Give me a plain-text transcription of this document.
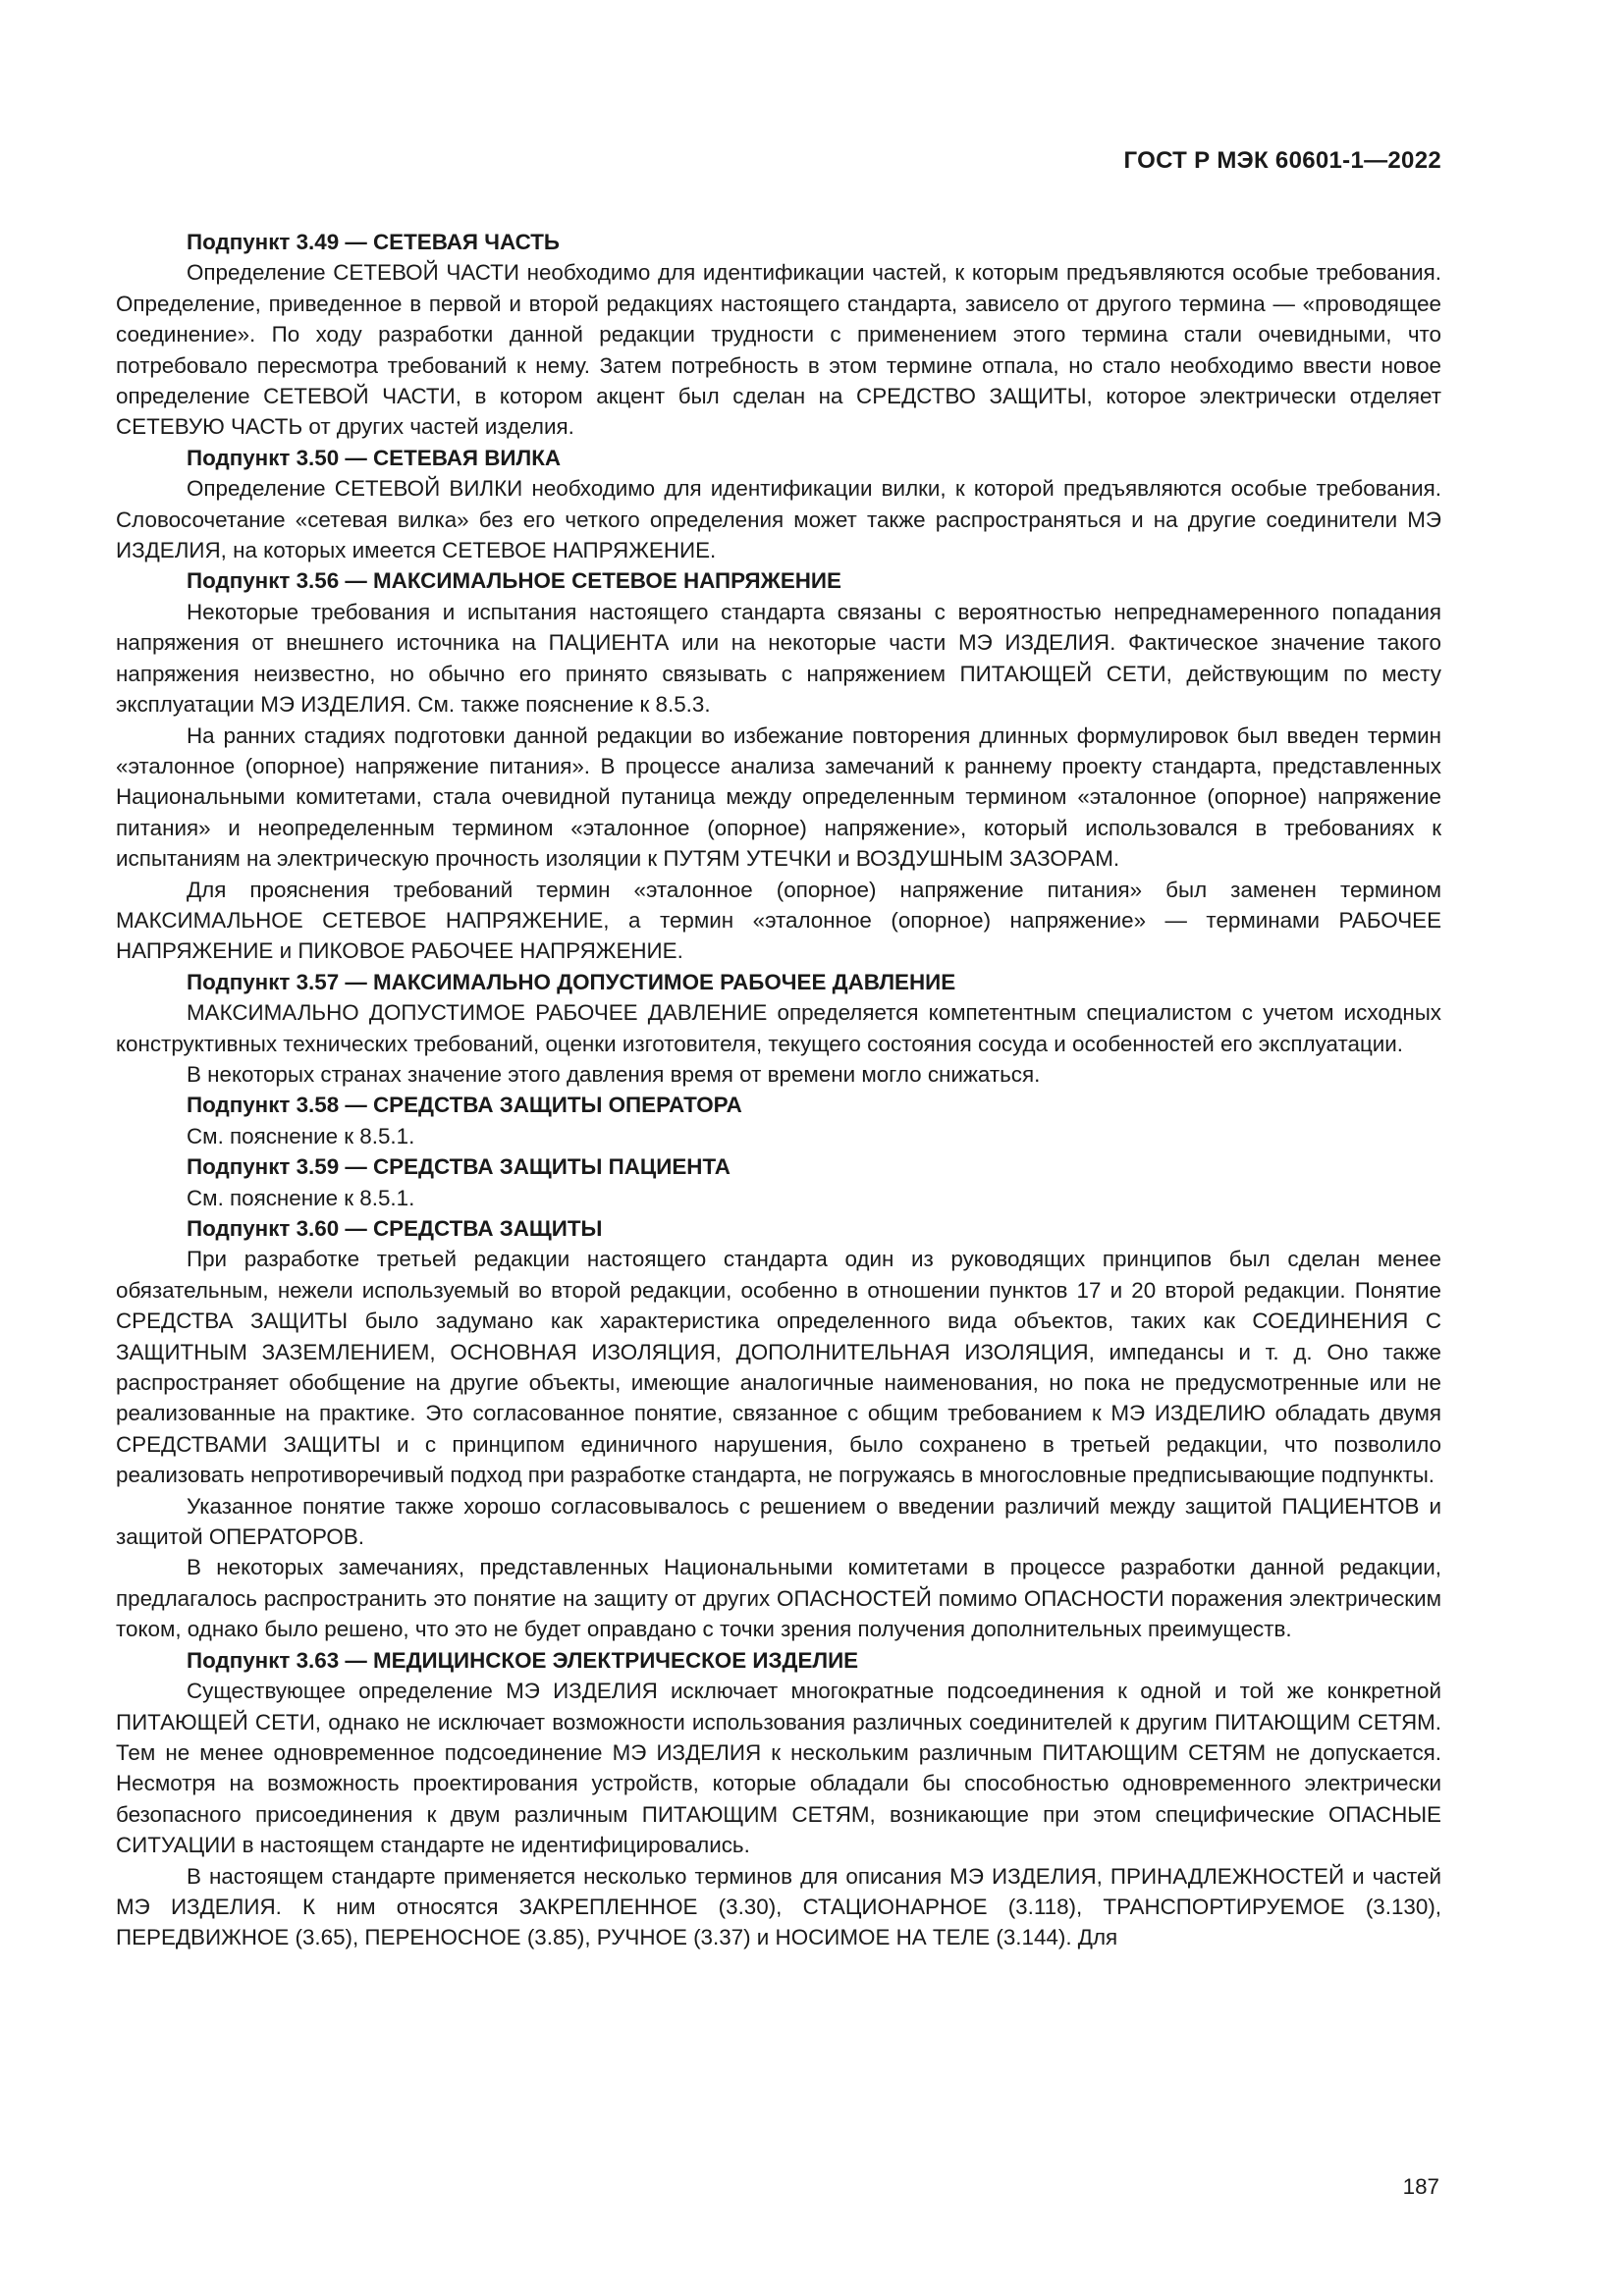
ГОСТ Р МЭК 60601-1—2022

Подпункт 3.49 — СЕТЕВАЯ ЧАСТЬ

Определение СЕТЕВОЙ ЧАСТИ необходимо для идентификации частей, к которым предъявляются особые требования. Определение, приведенное в первой и второй редакциях настоящего стандарта, зависело от другого термина — «проводящее соединение». По ходу разработки данной редакции трудности с применением этого термина стали очевидными, что потребовало пересмотра требований к нему. Затем потребность в этом термине отпала, но стало необходимо ввести новое определение СЕТЕВОЙ ЧАСТИ, в котором акцент был сделан на СРЕДСТВО ЗАЩИТЫ, которое электрически отделяет СЕТЕВУЮ ЧАСТЬ от других частей изделия.

Подпункт 3.50 — СЕТЕВАЯ ВИЛКА

Определение СЕТЕВОЙ ВИЛКИ необходимо для идентификации вилки, к которой предъявляются особые требования. Словосочетание «сетевая вилка» без его четкого определения может также распространяться и на другие соединители МЭ ИЗДЕЛИЯ, на которых имеется СЕТЕВОЕ НАПРЯЖЕНИЕ.

Подпункт 3.56 — МАКСИМАЛЬНОЕ СЕТЕВОЕ НАПРЯЖЕНИЕ

Некоторые требования и испытания настоящего стандарта связаны с вероятностью непреднамеренного попадания напряжения от внешнего источника на ПАЦИЕНТА или на некоторые части МЭ ИЗДЕЛИЯ. Фактическое значение такого напряжения неизвестно, но обычно его принято связывать с напряжением ПИТАЮЩЕЙ СЕТИ, действующим по месту эксплуатации МЭ ИЗДЕЛИЯ. См. также пояснение к 8.5.3.

На ранних стадиях подготовки данной редакции во избежание повторения длинных формулировок был введен термин «эталонное (опорное) напряжение питания». В процессе анализа замечаний к раннему проекту стандарта, представленных Национальными комитетами, стала очевидной путаница между определенным термином «эталонное (опорное) напряжение питания» и неопределенным термином «эталонное (опорное) напряжение», который использовался в требованиях к испытаниям на электрическую прочность изоляции к ПУТЯМ УТЕЧКИ и ВОЗДУШНЫМ ЗАЗОРАМ.

Для прояснения требований термин «эталонное (опорное) напряжение питания» был заменен термином МАКСИМАЛЬНОЕ СЕТЕВОЕ НАПРЯЖЕНИЕ, а термин «эталонное (опорное) напряжение» — терминами РАБОЧЕЕ НАПРЯЖЕНИЕ и ПИКОВОЕ РАБОЧЕЕ НАПРЯЖЕНИЕ.

Подпункт 3.57 — МАКСИМАЛЬНО ДОПУСТИМОЕ РАБОЧЕЕ ДАВЛЕНИЕ

МАКСИМАЛЬНО ДОПУСТИМОЕ РАБОЧЕЕ ДАВЛЕНИЕ определяется компетентным специалистом с учетом исходных конструктивных технических требований, оценки изготовителя, текущего состояния сосуда и особенностей его эксплуатации.

В некоторых странах значение этого давления время от времени могло снижаться.

Подпункт 3.58 — СРЕДСТВА ЗАЩИТЫ ОПЕРАТОРА

См. пояснение к 8.5.1.

Подпункт 3.59 — СРЕДСТВА ЗАЩИТЫ ПАЦИЕНТА

См. пояснение к 8.5.1.

Подпункт 3.60 — СРЕДСТВА ЗАЩИТЫ

При разработке третьей редакции настоящего стандарта один из руководящих принципов был сделан менее обязательным, нежели используемый во второй редакции, особенно в отношении пунктов 17 и 20 второй редакции. Понятие СРЕДСТВА ЗАЩИТЫ было задумано как характеристика определенного вида объектов, таких как СОЕДИНЕНИЯ С ЗАЩИТНЫМ ЗАЗЕМЛЕНИЕМ, ОСНОВНАЯ ИЗОЛЯЦИЯ, ДОПОЛНИТЕЛЬНАЯ ИЗОЛЯЦИЯ, импедансы и т. д. Оно также распространяет обобщение на другие объекты, имеющие аналогичные наименования, но пока не предусмотренные или не реализованные на практике. Это согласованное понятие, связанное с общим требованием к МЭ ИЗДЕЛИЮ обладать двумя СРЕДСТВАМИ ЗАЩИТЫ и с принципом единичного нарушения, было сохранено в третьей редакции, что позволило реализовать непротиворечивый подход при разработке стандарта, не погружаясь в многословные предписывающие подпункты.

Указанное понятие также хорошо согласовывалось с решением о введении различий между защитой ПАЦИЕНТОВ и защитой ОПЕРАТОРОВ.

В некоторых замечаниях, представленных Национальными комитетами в процессе разработки данной редакции, предлагалось распространить это понятие на защиту от других ОПАСНОСТЕЙ помимо ОПАСНОСТИ поражения электрическим током, однако было решено, что это не будет оправдано с точки зрения получения дополнительных преимуществ.

Подпункт 3.63 — МЕДИЦИНСКОЕ ЭЛЕКТРИЧЕСКОЕ ИЗДЕЛИЕ

Существующее определение МЭ ИЗДЕЛИЯ исключает многократные подсоединения к одной и той же конкретной ПИТАЮЩЕЙ СЕТИ, однако не исключает возможности использования различных соединителей к другим ПИТАЮЩИМ СЕТЯМ. Тем не менее одновременное подсоединение МЭ ИЗДЕЛИЯ к нескольким различным ПИТАЮЩИМ СЕТЯМ не допускается. Несмотря на возможность проектирования устройств, которые обладали бы способностью одновременного электрически безопасного присоединения к двум различным ПИТАЮЩИМ СЕТЯМ, возникающие при этом специфические ОПАСНЫЕ СИТУАЦИИ в настоящем стандарте не идентифицировались.

В настоящем стандарте применяется несколько терминов для описания МЭ ИЗДЕЛИЯ, ПРИНАДЛЕЖНОСТЕЙ и частей МЭ ИЗДЕЛИЯ. К ним относятся ЗАКРЕПЛЕННОЕ (3.30), СТАЦИОНАРНОЕ (3.118), ТРАНСПОРТИРУЕМОЕ (3.130), ПЕРЕДВИЖНОЕ (3.65), ПЕРЕНОСНОЕ (3.85), РУЧНОЕ (3.37) и НОСИМОЕ НА ТЕЛЕ (3.144). Для

187
